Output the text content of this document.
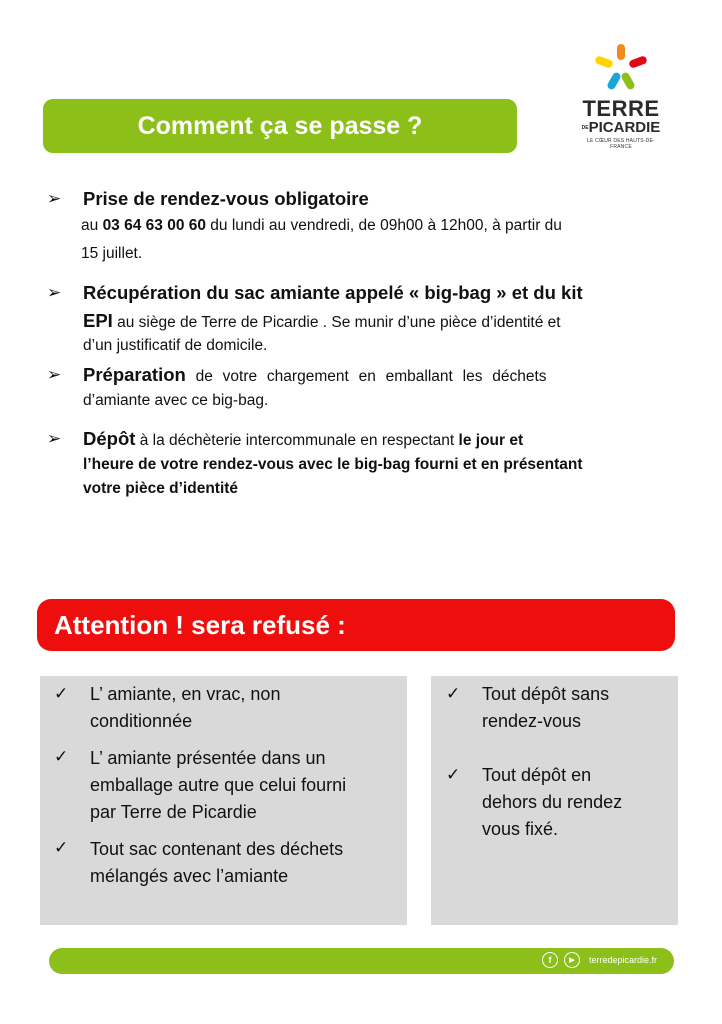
Comment ça se passe ?
TERRE
$^{DE}$PICARDIE
LE CŒUR DES HAUTS-DE-FRANCE
➢ Prise de rendez-vous obligatoire
au 03 64 63 00 60 du lundi au vendredi, de 09h00 à 12h00, à partir du
15 juillet.
➢ Récupération du sac amiante appelé « big-bag » et du kit
EPI au siège de Terre de Picardie . Se munir d’une pièce d’identité et
d’un justificatif de domicile.
➢ Préparation de votre chargement en emballant les déchets
d’amiante avec ce big-bag.
➢ Dépôt à la déchèterie intercommunale en respectant le jour et
l’heure de votre rendez-vous avec le big-bag fourni et en présentant
votre pièce d’identité
Attention ! sera refusé :
✓ L’ amiante, en vrac, non
conditionnée
✓ L’ amiante présentée dans un
emballage autre que celui fourni
par Terre de Picardie
✓ Tout sac contenant des déchets
mélangés avec l’amiante
✓ Tout dépôt sans
rendez-vous
✓ Tout dépôt en
dehors du rendez
vous fixé.
f	▶	terredepicardie.fr
